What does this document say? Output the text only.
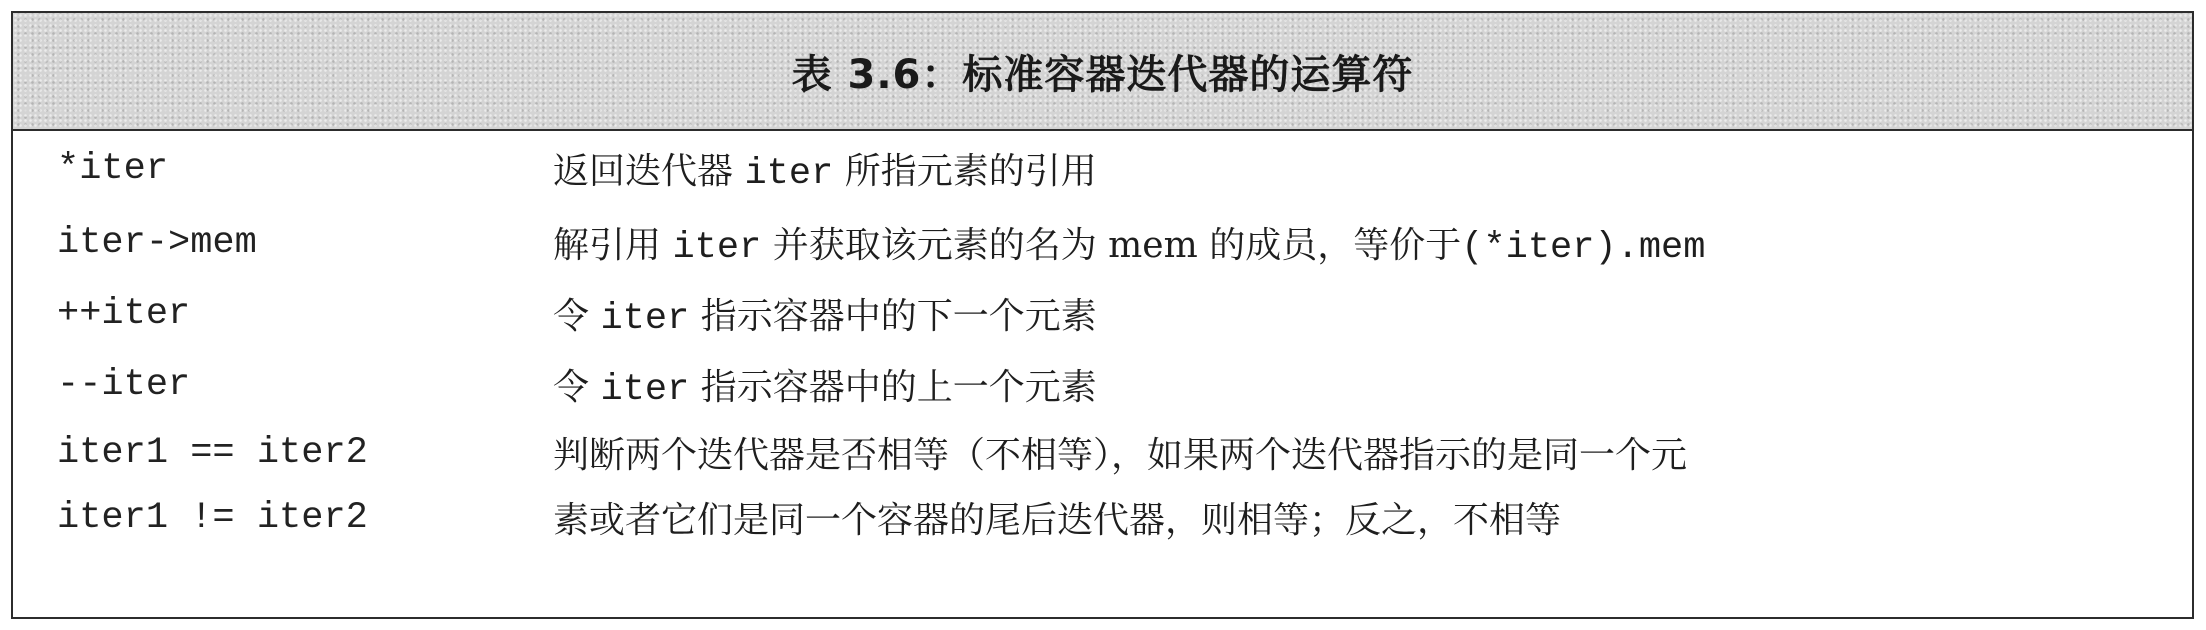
表 3.6：标准容器迭代器的运算符
*iter	返回迭代器 iter 所指元素的引用
iter->mem	解引用 iter 并获取该元素的名为 mem 的成员，等价于(*iter).mem
++iter	令 iter 指示容器中的下一个元素
--iter	令 iter 指示容器中的上一个元素
iter1 == iter2	判断两个迭代器是否相等（不相等），如果两个迭代器指示的是同一个元
iter1 != iter2	素或者它们是同一个容器的尾后迭代器，则相等；反之，不相等
